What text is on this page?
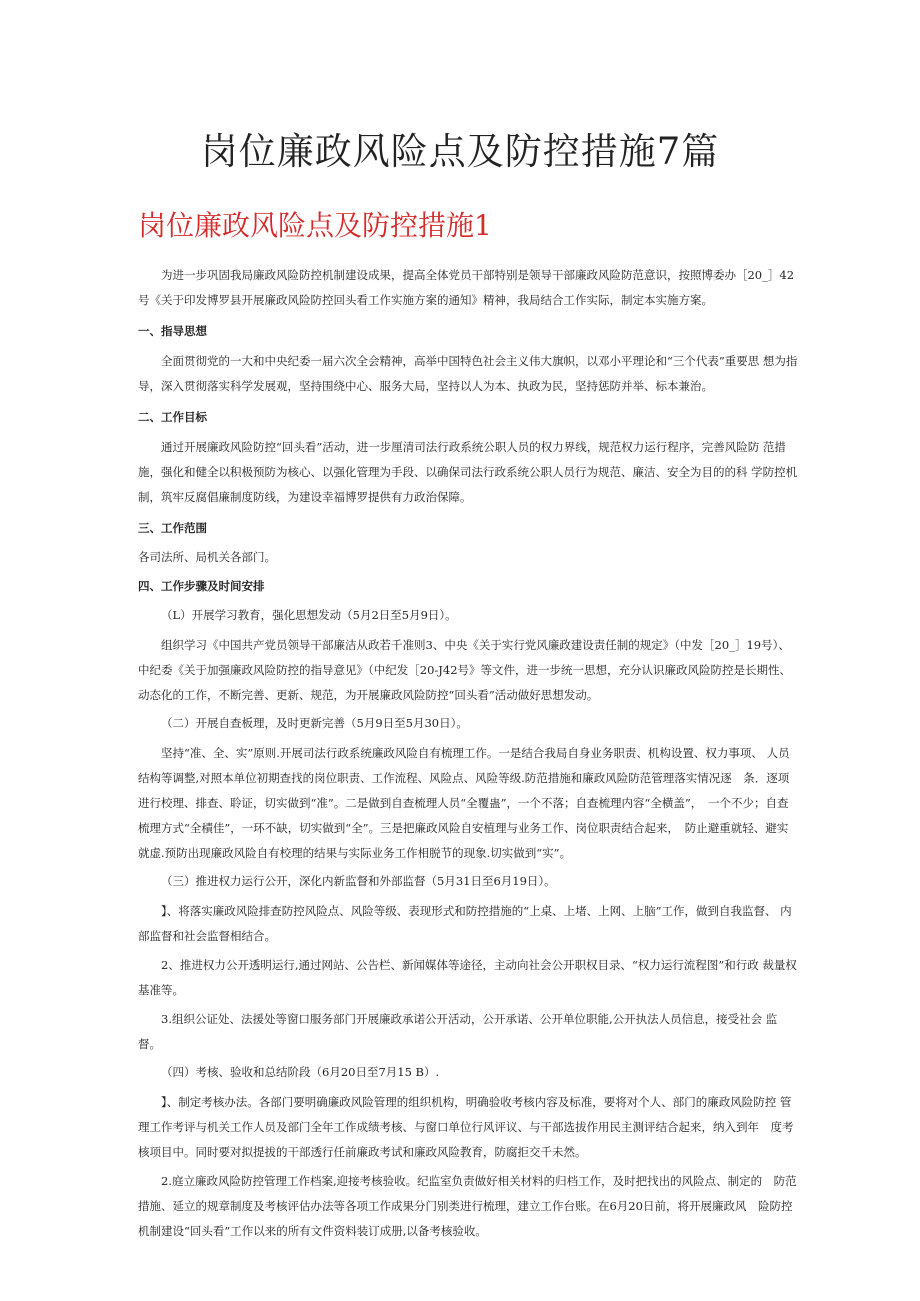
岗位廉政风险点及防控措施7篇
岗位廉政风险点及防控措施1

为进一步巩固我局廉政风险防控机制建设成果，提高全体党员干部特别是领导干部廉政风险防范意识，按照博委办［20_］42　号《关于印发博罗县开展廉政风险防控回头看工作实施方案的通知》精神，我局结合工作实际，制定本实施方案。

一、指导思想

全面贯彻党的一大和中央纪委一届六次全会精神，高举中国特色社会主义伟大旗帜，以邓小平理论和“三个代表”重要思 想为指导，深入贯彻落实科学发展观，坚持围绕中心、服务大局，坚持以人为本、执政为民，坚持惩防并举、标本兼治。

二、工作目标

通过开展廉政风险防控“回头看”活动，进一步厘清司法行政系统公职人员的权力界线，规范权力运行程序，完善风险防 范措施，强化和健全以积极预防为核心、以强化管理为手段、以确保司法行政系统公职人员行为规范、廉洁、安全为目的的科 学防控机制，筑牢反腐倡廉制度防线，为建设幸福博罗提供有力政治保障。

三、工作范围

各司法所、局机关各部门。

四、工作步骤及时间安排

（L）开展学习教育，强化思想发动（5月2日至5月9日）。

组织学习《中国共产党员领导干部廉洁从政若千准则3、中央《关于实行党风廉政建设责任制的规定》（中发［20_］19号）、　中纪委《关于加强廉政风险防控的指导意见》（中纪发［20-J42号》等文件，进一步统一思想，充分认识廉政风险防控是长期性、 动态化的工作，不断完善、更新、规范，为开展廉政风险防控“回头看”活动做好思想发动。

（二）开展自查板理，及时更新完善（5月9日至5月30日）。

坚持“准、全、实”原则.开展司法行政系统廉政风险自有梳理工作。一是结合我局自身业务职责、机构设置、权力事项、 人员结构等调整,对照本单位初期查找的岗位职责、工作流程、风险点、风险等级.防范措施和廉政风险防范管理落实情况逐　条．逐项进行校理、排查、聆证，切实做到“准”。二是做到自查梳理人员“全覆蛊”，一个不落；自查梳理内容“全横盖”，　一个不少；自查梳理方式“全積佳”，一环不缺，切实做到“全”。三是把廉政风险自安植理与业务工作、岗位职责结合起来，　防止避重就轻、避实就虚.预防出现廉政风险自有校理的结果与实际业务工作相脱节的现象.切实做到“实”。

（三）推进权力运行公开，深化内新监督和外部监督（5月31日至6月19日）。

】、将落实廉政风险排查防控风险点、风险等级、表现形式和防控措施的“上桌、上堵、上网、上脑”工作，做到自我监督、 内部监督和社会监督相结合。

2、推进权力公开透明运行,通过网站、公告栏、新闻媒体等途径，主动向社会公开职权目录、“权力运行流程图”和行政 裁量权基准等。

3.组织公证处、法援处等窗口服务部门开展廉政承诺公开活动，公开承诺、公开单位职能,公开执法人员信息，接受社会 监督。

（四）考核、验收和总结阶段（6月20日至7月15 B）.

】、制定考核办法。各部门要明确廉政风险管理的组织机构，明确验收考核内容及标准，要将对个人、部门的廉政风险防控 管理工作考评与机关工作人员及部门全年工作成绩考核、与窗口单位行风评议、与干部选拔作用民主测评结合起来，纳入到年　度考核项目中。同时要对拟提拔的干部透行任前廉政考试和廉政风险教育，防腐拒交千未然。

2.庭立廉政风险防控管理工作档案,迎接考核验收。纪监室负责做好相关材料的归档工作，及时把找出的风险点、制定的　防范措施、延立的规章制度及考核评估办法等各项工作成果分门别类进行梳理，建立工作台账。在6月20日前，将开展廉政风　险防控机制建设“回头看”工作以来的所有文件资料装订成册,以备考核验收。
